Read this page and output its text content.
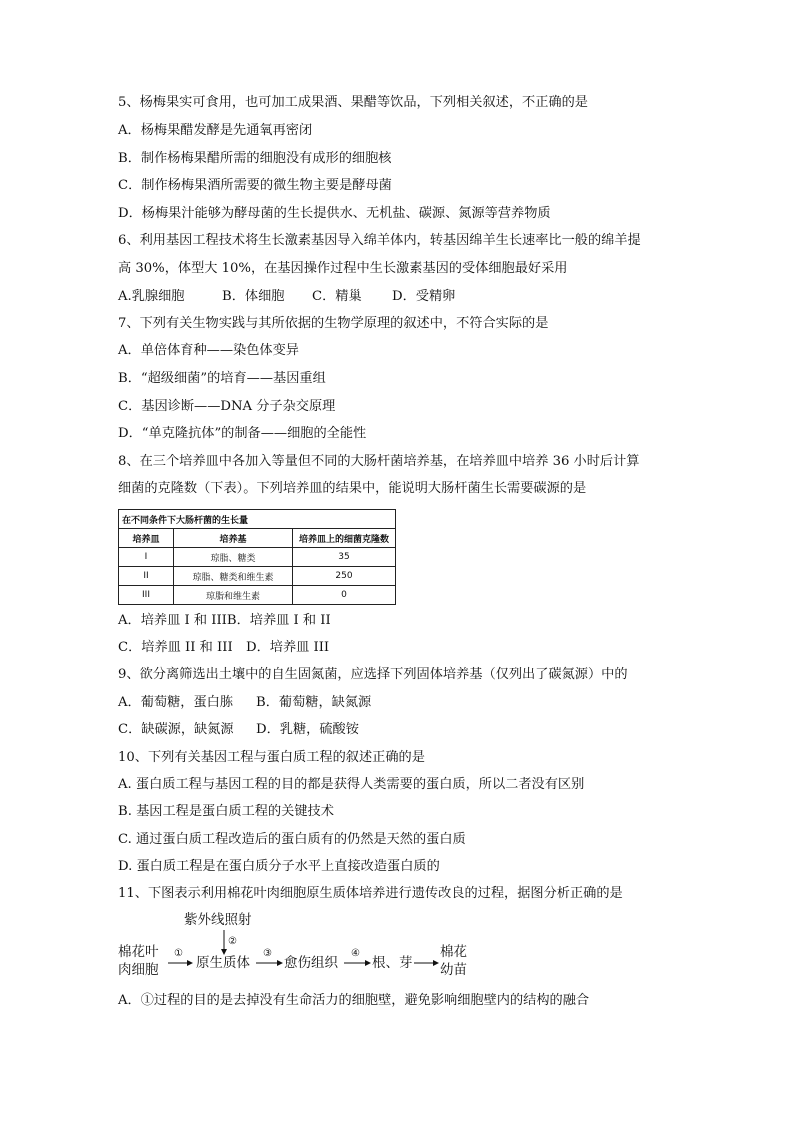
5、杨梅果实可食用，也可加工成果酒、果醋等饮品，下列相关叙述，不正确的是
A．杨梅果醋发酵是先通氧再密闭
B．制作杨梅果醋所需的细胞没有成形的细胞核
C．制作杨梅果酒所需要的微生物主要是酵母菌
D．杨梅果汁能够为酵母菌的生长提供水、无机盐、碳源、氮源等营养物质
6、利用基因工程技术将生长激素基因导入绵羊体内，转基因绵羊生长速率比一般的绵羊提
高 30%，体型大 10%，在基因操作过程中生长激素基因的受体细胞最好采用
A.乳腺细胞	B．体细胞	C．精巢	D．受精卵
7、下列有关生物实践与其所依据的生物学原理的叙述中，不符合实际的是
A．单倍体育种——染色体变异
B．“超级细菌”的培育——基因重组
C．基因诊断——DNA 分子杂交原理
D．“单克隆抗体”的制备——细胞的全能性
8、在三个培养皿中各加入等量但不同的大肠杆菌培养基，在培养皿中培养 36 小时后计算
细菌的克隆数（下表）。下列培养皿的结果中，能说明大肠杆菌生长需要碳源的是
在不同条件下大肠杆菌的生长量		
培养皿	培养基	培养皿上的细菌克隆数
I	琼脂、糖类	35
II	琼脂、糖类和维生素	250
III	琼脂和维生素	0
A．培养皿 I 和 IIIB．培养皿 I 和 II
C．培养皿 II 和 III	D．培养皿 III
9、欲分离筛选出土壤中的自生固氮菌，应选择下列固体培养基（仅列出了碳氮源）中的
A．葡萄糖，蛋白胨	B．葡萄糖，缺氮源
C．缺碳源，缺氮源	D．乳糖，硫酸铵
10、下列有关基因工程与蛋白质工程的叙述正确的是
A. 蛋白质工程与基因工程的目的都是获得人类需要的蛋白质，所以二者没有区别
B. 基因工程是蛋白质工程的关键技术
C. 通过蛋白质工程改造后的蛋白质有的仍然是天然的蛋白质
D. 蛋白质工程是在蛋白质分子水平上直接改造蛋白质的
11、下图表示利用棉花叶肉细胞原生质体培养进行遗传改良的过程，据图分析正确的是
紫外线照射
棉花叶
肉细胞
①
②
原生质体
③
愈伤组织
④
根、芽
棉花
幼苗
A．①过程的目的是去掉没有生命活力的细胞壁，避免影响细胞壁内的结构的融合
